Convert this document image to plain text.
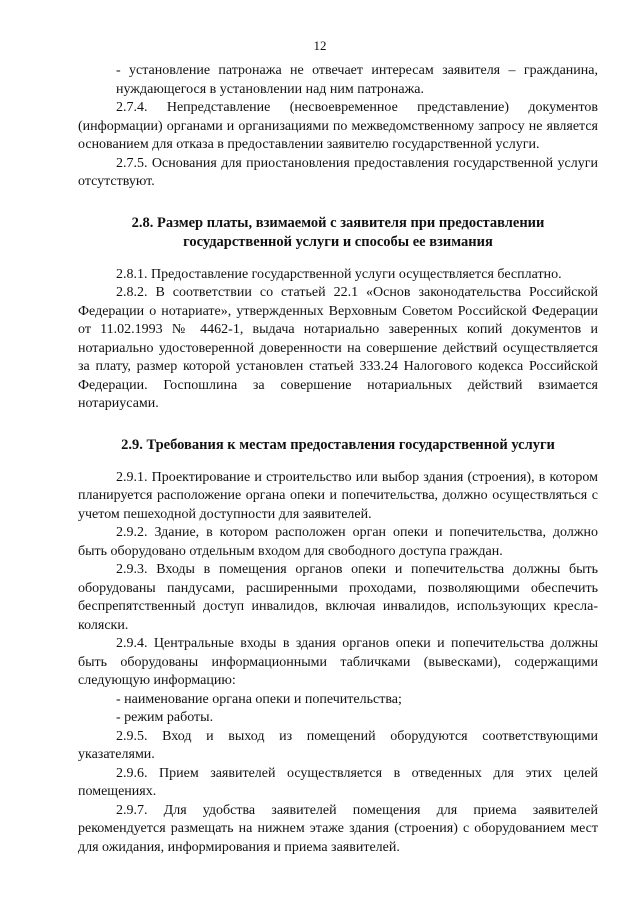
12

- установление патронажа не отвечает интересам заявителя – гражданина, нуждающегося в установлении над ним патронажа.

2.7.4. Непредставление (несвоевременное представление) документов (информации) органами и организациями по межведомственному запросу не является основанием для отказа в предоставлении заявителю государственной услуги.

2.7.5. Основания для приостановления предоставления государственной услуги отсутствуют.

2.8. Размер платы, взимаемой с заявителя при предоставлении государственной услуги и способы ее взимания

2.8.1. Предоставление государственной услуги осуществляется бесплатно.

2.8.2. В соответствии со статьей 22.1 «Основ законодательства Российской Федерации о нотариате», утвержденных Верховным Советом Российской Федерации от 11.02.1993 № 4462-1, выдача нотариально заверенных копий документов и нотариально удостоверенной доверенности на совершение действий осуществляется за плату, размер которой установлен статьей 333.24 Налогового кодекса Российской Федерации. Госпошлина за совершение нотариальных действий взимается нотариусами.

2.9. Требования к местам предоставления государственной услуги

2.9.1. Проектирование и строительство или выбор здания (строения), в котором планируется расположение органа опеки и попечительства, должно осуществляться с учетом пешеходной доступности для заявителей.

2.9.2. Здание, в котором расположен орган опеки и попечительства, должно быть оборудовано отдельным входом для свободного доступа граждан.

2.9.3. Входы в помещения органов опеки и попечительства должны быть оборудованы пандусами, расширенными проходами, позволяющими обеспечить беспрепятственный доступ инвалидов, включая инвалидов, использующих кресла-коляски.

2.9.4. Центральные входы в здания органов опеки и попечительства должны быть оборудованы информационными табличками (вывесками), содержащими следующую информацию:

- наименование органа опеки и попечительства;

- режим работы.

2.9.5. Вход и выход из помещений оборудуются соответствующими указателями.

2.9.6. Прием заявителей осуществляется в отведенных для этих целей помещениях.

2.9.7. Для удобства заявителей помещения для приема заявителей рекомендуется размещать на нижнем этаже здания (строения) с оборудованием мест для ожидания, информирования и приема заявителей.
